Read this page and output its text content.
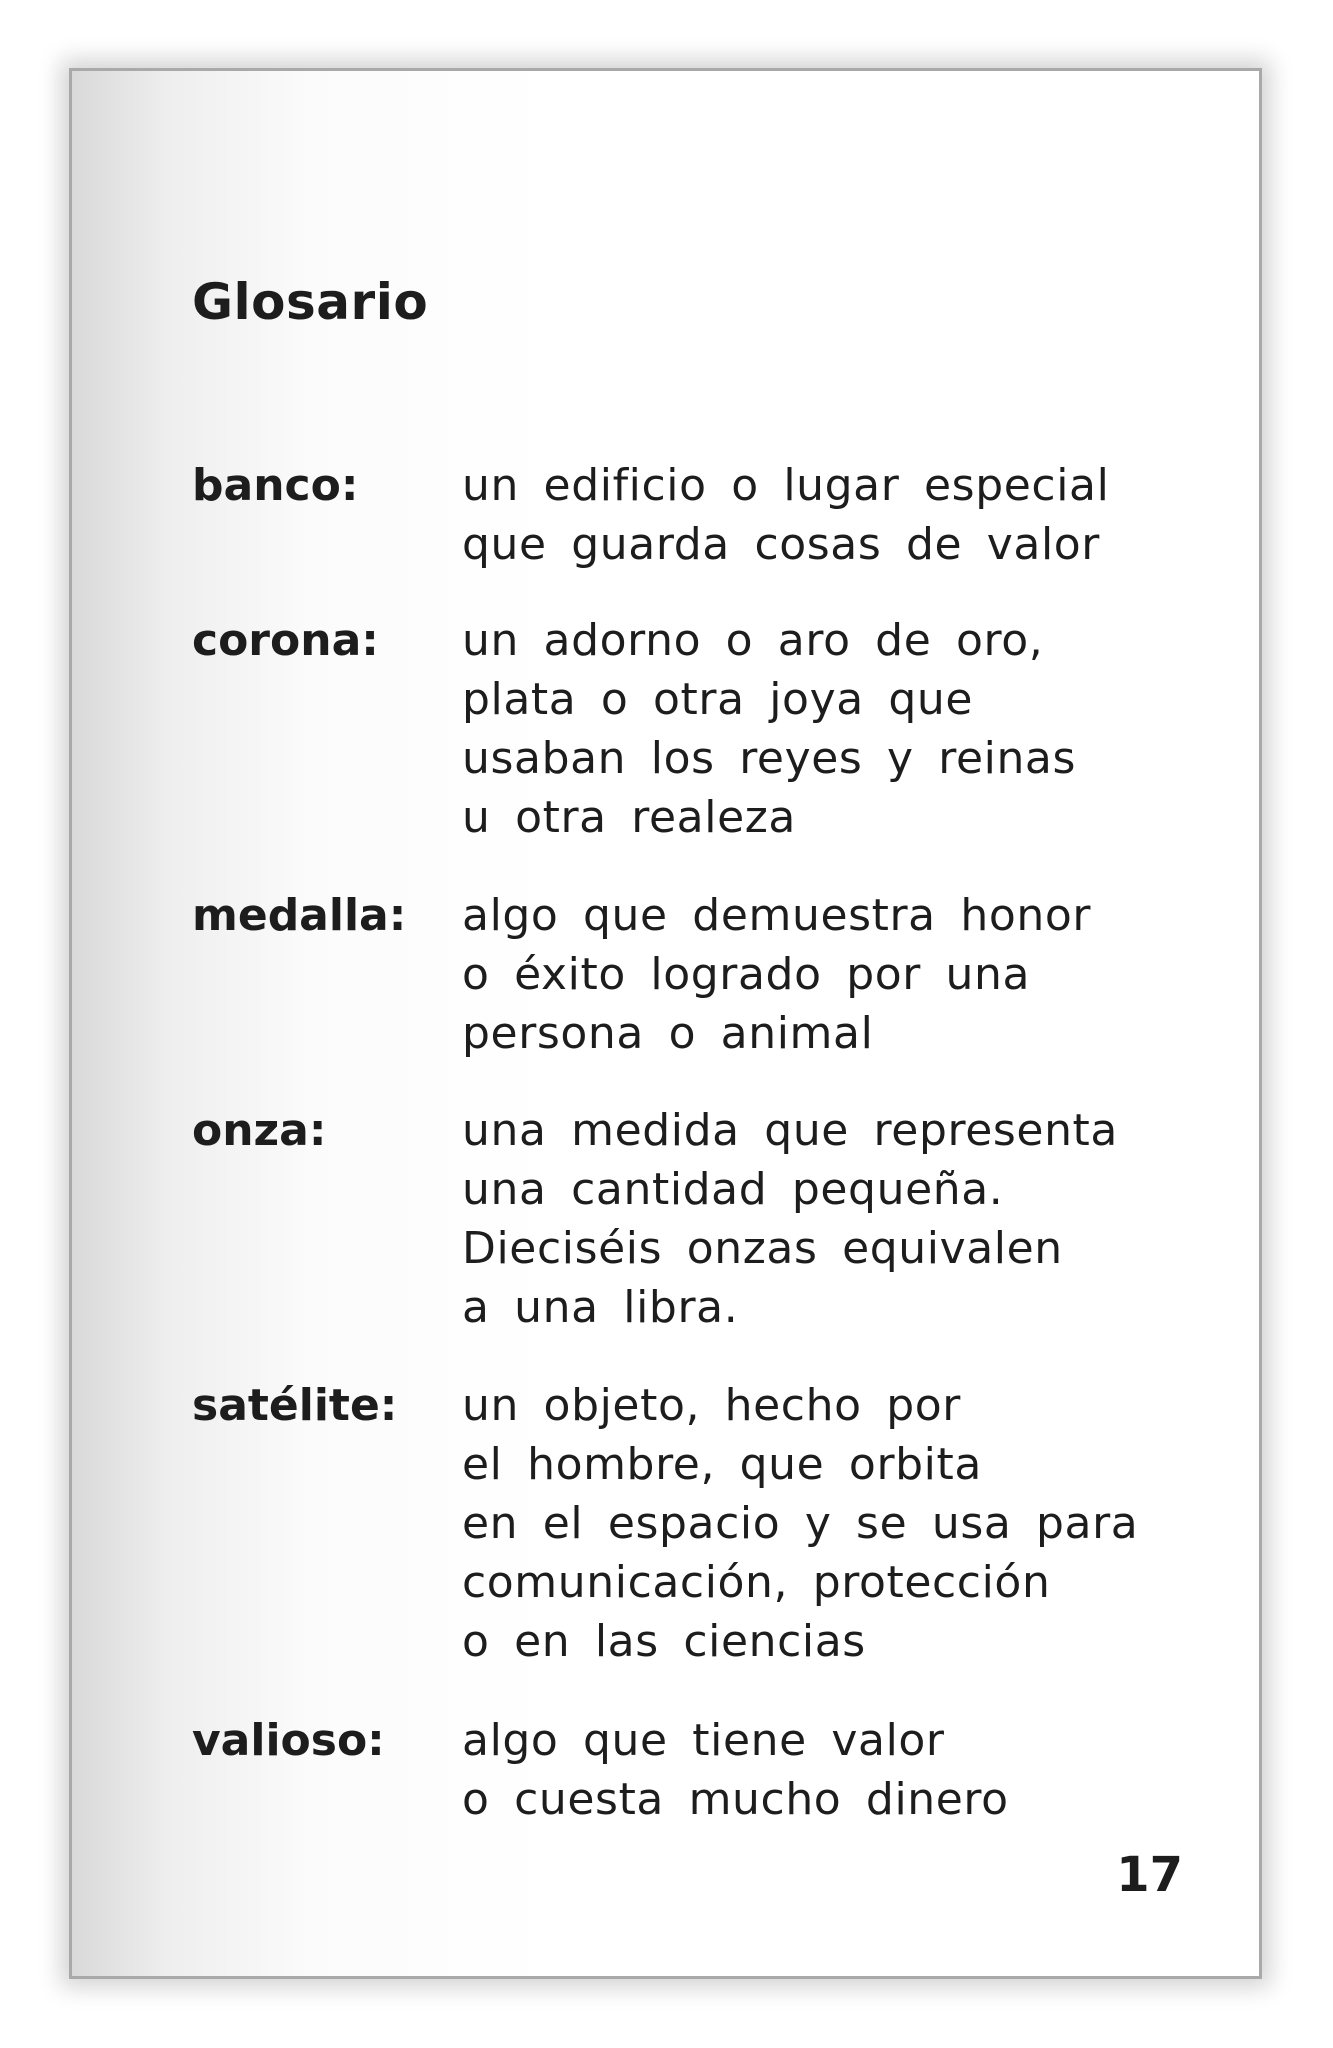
Glosario
banco: un edificio o lugar especial
que guarda cosas de valor
corona: un adorno o aro de oro,
plata o otra joya que
usaban los reyes y reinas
u otra realeza
medalla: algo que demuestra honor
o éxito logrado por una
persona o animal
onza:	una medida que representa
una cantidad pequeña.
Dieciséis onzas equivalen
a una libra.
satélite: un objeto, hecho por
el hombre, que orbita
en el espacio y se usa para
comunicación, protección
o en las ciencias
valioso: algo que tiene valor
o cuesta mucho dinero
17
